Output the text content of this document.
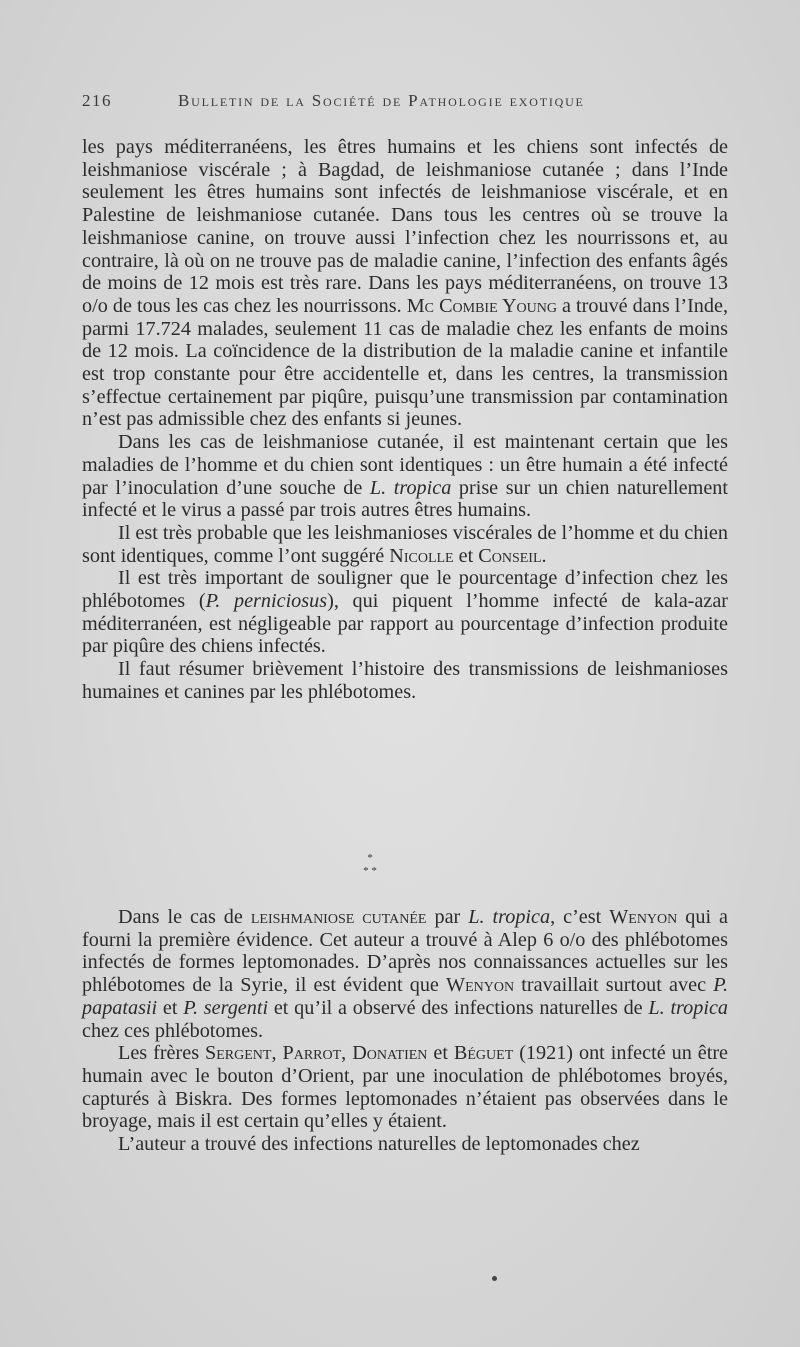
216	Bulletin de la Société de Pathologie exotique

les pays méditerranéens, les êtres humains et les chiens sont infectés de leishmaniose viscérale ; à Bagdad, de leishmaniose cutanée ; dans l’Inde seulement les êtres humains sont infectés de leishmaniose viscérale, et en Palestine de leishmaniose cutanée. Dans tous les centres où se trouve la leishmaniose canine, on trouve aussi l’infection chez les nourrissons et, au contraire, là où on ne trouve pas de maladie canine, l’infection des enfants âgés de moins de 12 mois est très rare. Dans les pays méditerranéens, on trouve 13 o/o de tous les cas chez les nourrissons. Mc Combie Young a trouvé dans l’Inde, parmi 17.724 malades, seulement 11 cas de maladie chez les enfants de moins de 12 mois. La coïncidence de la distribution de la maladie canine et infantile est trop constante pour être accidentelle et, dans les centres, la transmission s’effectue certainement par piqûre, puisqu’une transmission par contamination n’est pas admissible chez des enfants si jeunes.

Dans les cas de leishmaniose cutanée, il est maintenant certain que les maladies de l’homme et du chien sont identiques : un être humain a été infecté par l’inoculation d’une souche de L. tropica prise sur un chien naturellement infecté et le virus a passé par trois autres êtres humains.

Il est très probable que les leishmanioses viscérales de l’homme et du chien sont identiques, comme l’ont suggéré Nicolle et Conseil.

Il est très important de souligner que le pourcentage d’infection chez les phlébotomes (P. perniciosus), qui piquent l’homme infecté de kala-azar méditerranéen, est négligeable par rapport au pourcentage d’infection produite par piqûre des chiens infectés.

Il faut résumer brièvement l’histoire des transmissions de leishmanioses humaines et canines par les phlébotomes.

*
* *

Dans le cas de leishmaniose cutanée par L. tropica, c’est Wenyon qui a fourni la première évidence. Cet auteur a trouvé à Alep 6 o/o des phlébotomes infectés de formes leptomonades. D’après nos connaissances actuelles sur les phlébotomes de la Syrie, il est évident que Wenyon travaillait surtout avec P. papatasii et P. sergenti et qu’il a observé des infections naturelles de L. tropica chez ces phlébotomes.

Les frères Sergent, Parrot, Donatien et Béguet (1921) ont infecté un être humain avec le bouton d’Orient, par une inoculation de phlébotomes broyés, capturés à Biskra. Des formes leptomonades n’étaient pas observées dans le broyage, mais il est certain qu’elles y étaient.

L’auteur a trouvé des infections naturelles de leptomonades chez
